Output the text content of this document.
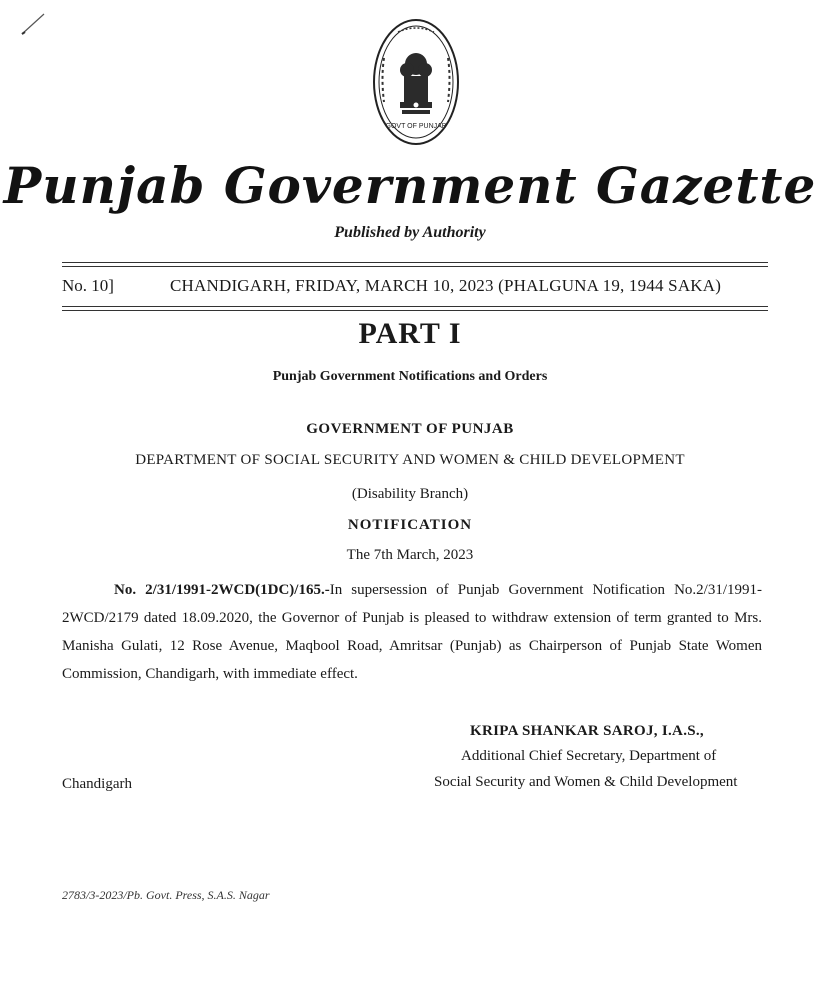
GOVT OF PUNJAB
Punjab Government Gazette
Published by Authority
No. 10]	CHANDIGARH, FRIDAY, MARCH 10, 2023 (PHALGUNA 19, 1944 SAKA)
PART I
Punjab Government Notifications and Orders
GOVERNMENT OF PUNJAB
DEPARTMENT OF SOCIAL SECURITY AND WOMEN & CHILD DEVELOPMENT
(Disability Branch)
NOTIFICATION
The 7th March, 2023
No. 2/31/1991-2WCD(1DC)/165.-In supersession of Punjab Government Notification No.2/31/1991-2WCD/2179 dated 18.09.2020, the Governor of Punjab is pleased to withdraw extension of term granted to Mrs. Manisha Gulati, 12 Rose Avenue, Maqbool Road, Amritsar (Punjab) as Chairperson of Punjab State Women Commission, Chandigarh, with immediate effect.
KRIPA SHANKAR SAROJ, I.A.S.,
Additional Chief Secretary, Department of
Social Security and Women & Child Development
Chandigarh
2783/3-2023/Pb. Govt. Press, S.A.S. Nagar
